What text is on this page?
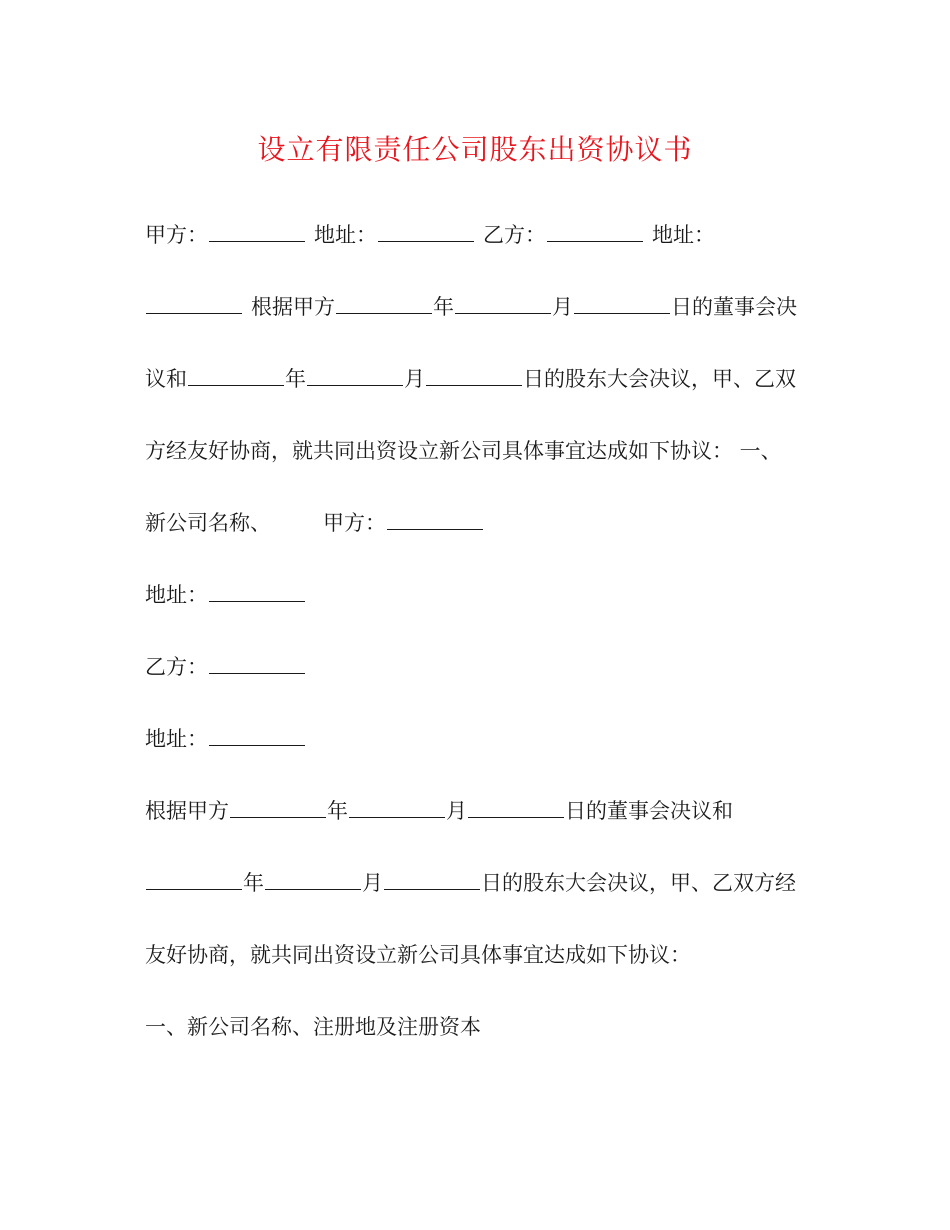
设立有限责任公司股东出资协议书
甲方：	地址：	乙方：	地址：
根据甲方	年	月	日的董事会决
议和	年	月	日的股东大会决议，甲、乙双
方经友好协商，就共同出资设立新公司具体事宜达成如下协议： 一、
新公司名称、 甲方：
地址：
乙方：
地址：
根据甲方	年	月	日的董事会决议和
年	月	日的股东大会决议，甲、乙双方经
友好协商，就共同出资设立新公司具体事宜达成如下协议：
一、新公司名称、注册地及注册资本
